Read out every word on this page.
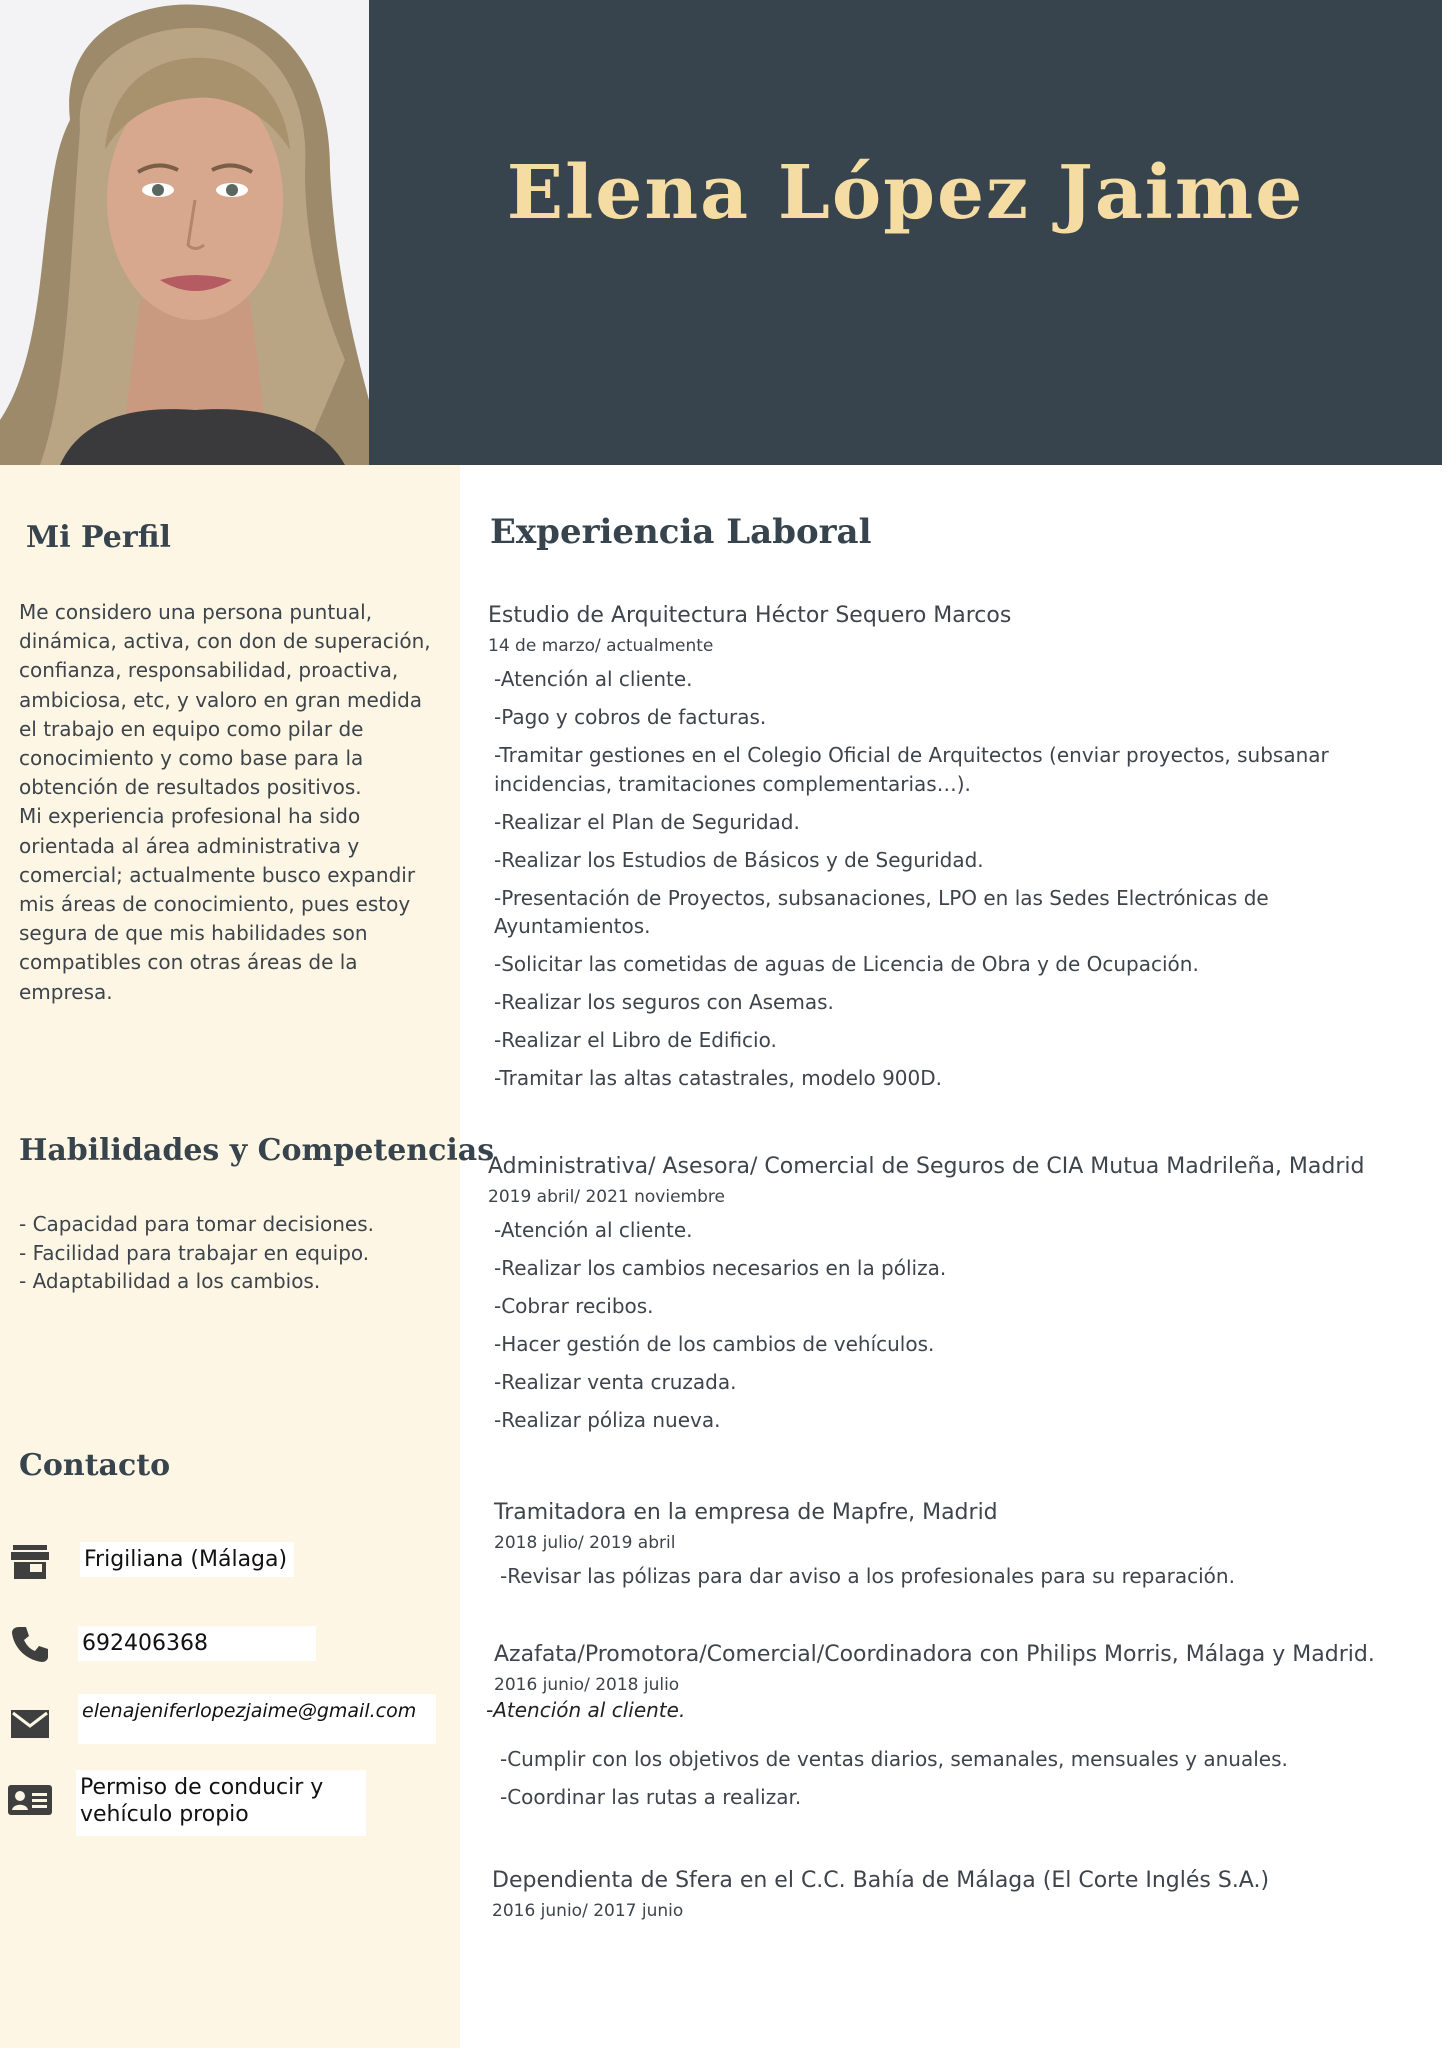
Elena López Jaime
Mi Perfil

Me considero una persona puntual,
dinámica, activa, con don de superación,
confianza, responsabilidad, proactiva,
ambiciosa, etc, y valoro en gran medida
el trabajo en equipo como pilar de
conocimiento y como base para la
obtención de resultados positivos.
Mi experiencia profesional ha sido
orientada al área administrativa y
comercial; actualmente busco expandir
mis áreas de conocimiento, pues estoy
segura de que mis habilidades son
compatibles con otras áreas de la
empresa.

Habilidades y Competencias
- Capacidad para tomar decisiones.
- Facilidad para trabajar en equipo.
- Adaptabilidad a los cambios.
Contacto
Frigiliana (Málaga)
692406368
elenajeniferlopezjaime@gmail.com
Permiso de conducir y vehículo propio
Experiencia Laboral

Estudio de Arquitectura Héctor Sequero Marcos

14 de marzo/ actualmente

-Atención al cliente.

-Pago y cobros de facturas.

-Tramitar gestiones en el Colegio Oficial de Arquitectos (enviar proyectos, subsanar incidencias, tramitaciones complementarias…).

-Realizar el Plan de Seguridad.

-Realizar los Estudios de Básicos y de Seguridad.

-Presentación de Proyectos, subsanaciones, LPO en las Sedes Electrónicas de Ayuntamientos.

-Solicitar las cometidas de aguas de Licencia de Obra y de Ocupación.

-Realizar los seguros con Asemas.

-Realizar el Libro de Edificio.

-Tramitar las altas catastrales, modelo 900D.

Administrativa/ Asesora/ Comercial de Seguros de CIA Mutua Madrileña, Madrid

2019 abril/ 2021 noviembre

-Atención al cliente.

-Realizar los cambios necesarios en la póliza.

-Cobrar recibos.

-Hacer gestión de los cambios de vehículos.

-Realizar venta cruzada.

-Realizar póliza nueva.

Tramitadora en la empresa de Mapfre, Madrid

2018 julio/ 2019 abril

-Revisar las pólizas para dar aviso a los profesionales para su reparación.

Azafata/Promotora/Comercial/Coordinadora con Philips Morris, Málaga y Madrid.

2016 junio/ 2018 julio

-Atención al cliente.

-Cumplir con los objetivos de ventas diarios, semanales, mensuales y anuales.

-Coordinar las rutas a realizar.

Dependienta de Sfera en el C.C. Bahía de Málaga (El Corte Inglés S.A.)

2016 junio/ 2017 junio
